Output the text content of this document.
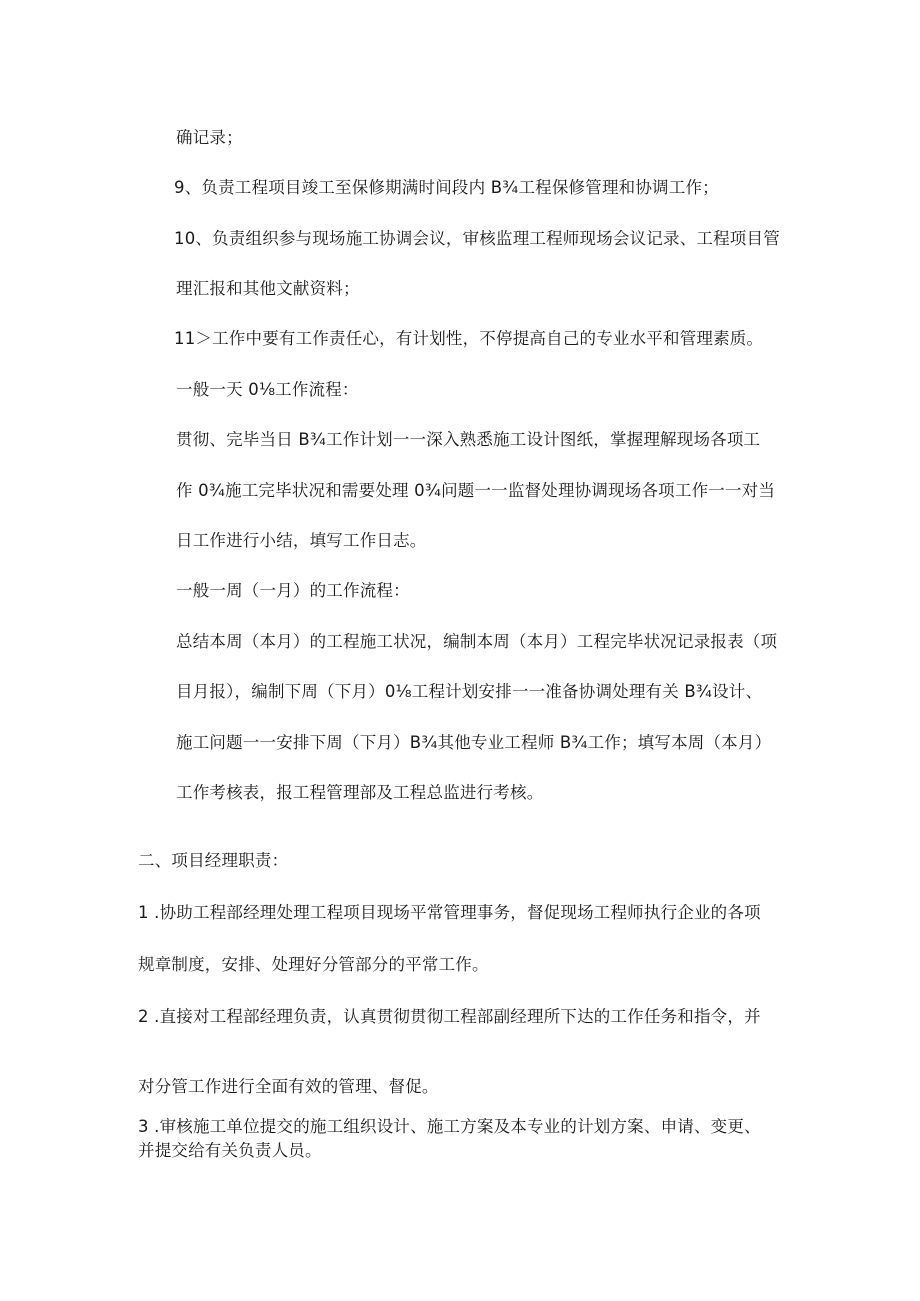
确记录；

9、负责工程项目竣工至保修期满时间段内 B¾工程保修管理和协调工作；

10、负责组织参与现场施工协调会议，审核监理工程师现场会议记录、工程项目管

理汇报和其他文献资料；

11＞工作中要有工作责任心，有计划性，不停提高自己的专业水平和管理素质。

一般一天 0⅛工作流程：

贯彻、完毕当日 B¾工作计划一一深入熟悉施工设计图纸，掌握理解现场各项工

作 0¾施工完毕状况和需要处理 0¾问题一一监督处理协调现场各项工作一一对当

日工作进行小结，填写工作日志。

一般一周（一月）的工作流程：

总结本周（本月）的工程施工状况，编制本周（本月）工程完毕状况记录报表（项

目月报），编制下周（下月）0⅛工程计划安排一一准备协调处理有关 B¾设计、

施工问题一一安排下周（下月）B¾其他专业工程师 B¾工作；填写本周（本月）

工作考核表，报工程管理部及工程总监进行考核。

二、项目经理职责：

1 .协助工程部经理处理工程项目现场平常管理事务，督促现场工程师执行企业的各项

规章制度，安排、处理好分管部分的平常工作。

2 .直接对工程部经理负责，认真贯彻贯彻工程部副经理所下达的工作任务和指令，并

对分管工作进行全面有效的管理、督促。

3 .审核施工单位提交的施工组织设计、施工方案及本专业的计划方案、申请、变更、

并提交给有关负责人员。
